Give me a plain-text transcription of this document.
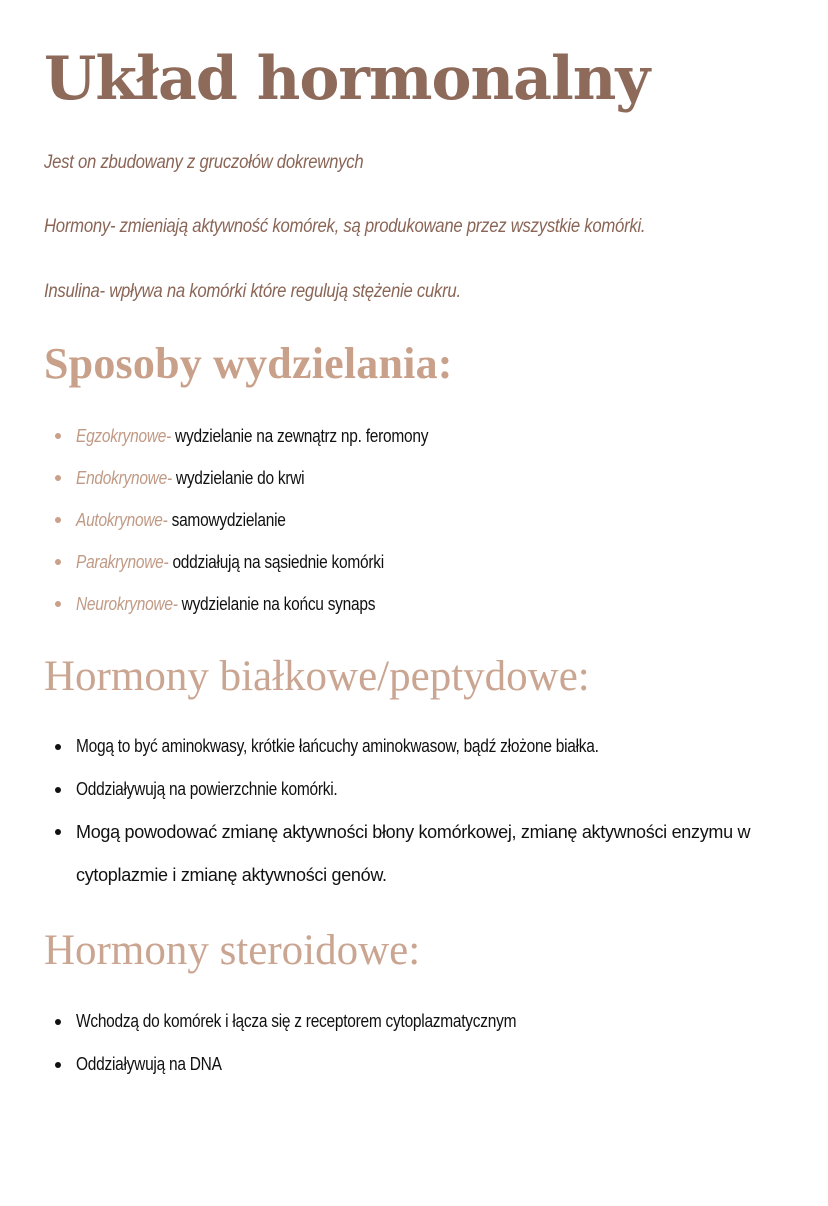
Układ hormonalny

Jest on zbudowany z gruczołów dokrewnych

Hormony- zmieniają aktywność komórek, są produkowane przez wszystkie komórki.

Insulina- wpływa na komórki które regulują stężenie cukru.

Sposoby wydzielania:
Egzokrynowe- wydzielanie na zewnątrz np. feromony
Endokrynowe- wydzielanie do krwi
Autokrynowe- samowydzielanie
Parakrynowe- oddziałują na sąsiednie komórki
Neurokrynowe- wydzielanie na końcu synaps
Hormony białkowe/peptydowe:
Mogą to być aminokwasy, krótkie łańcuchy aminokwasow, bądź złożone białka.
Oddziaływują na powierzchnie komórki.
Mogą powodować zmianę aktywności błony komórkowej, zmianę aktywności enzymu w cytoplazmie i zmianę aktywności genów.
Hormony steroidowe:
Wchodzą do komórek i łącza się z receptorem cytoplazmatycznym
Oddziaływują na DNA
